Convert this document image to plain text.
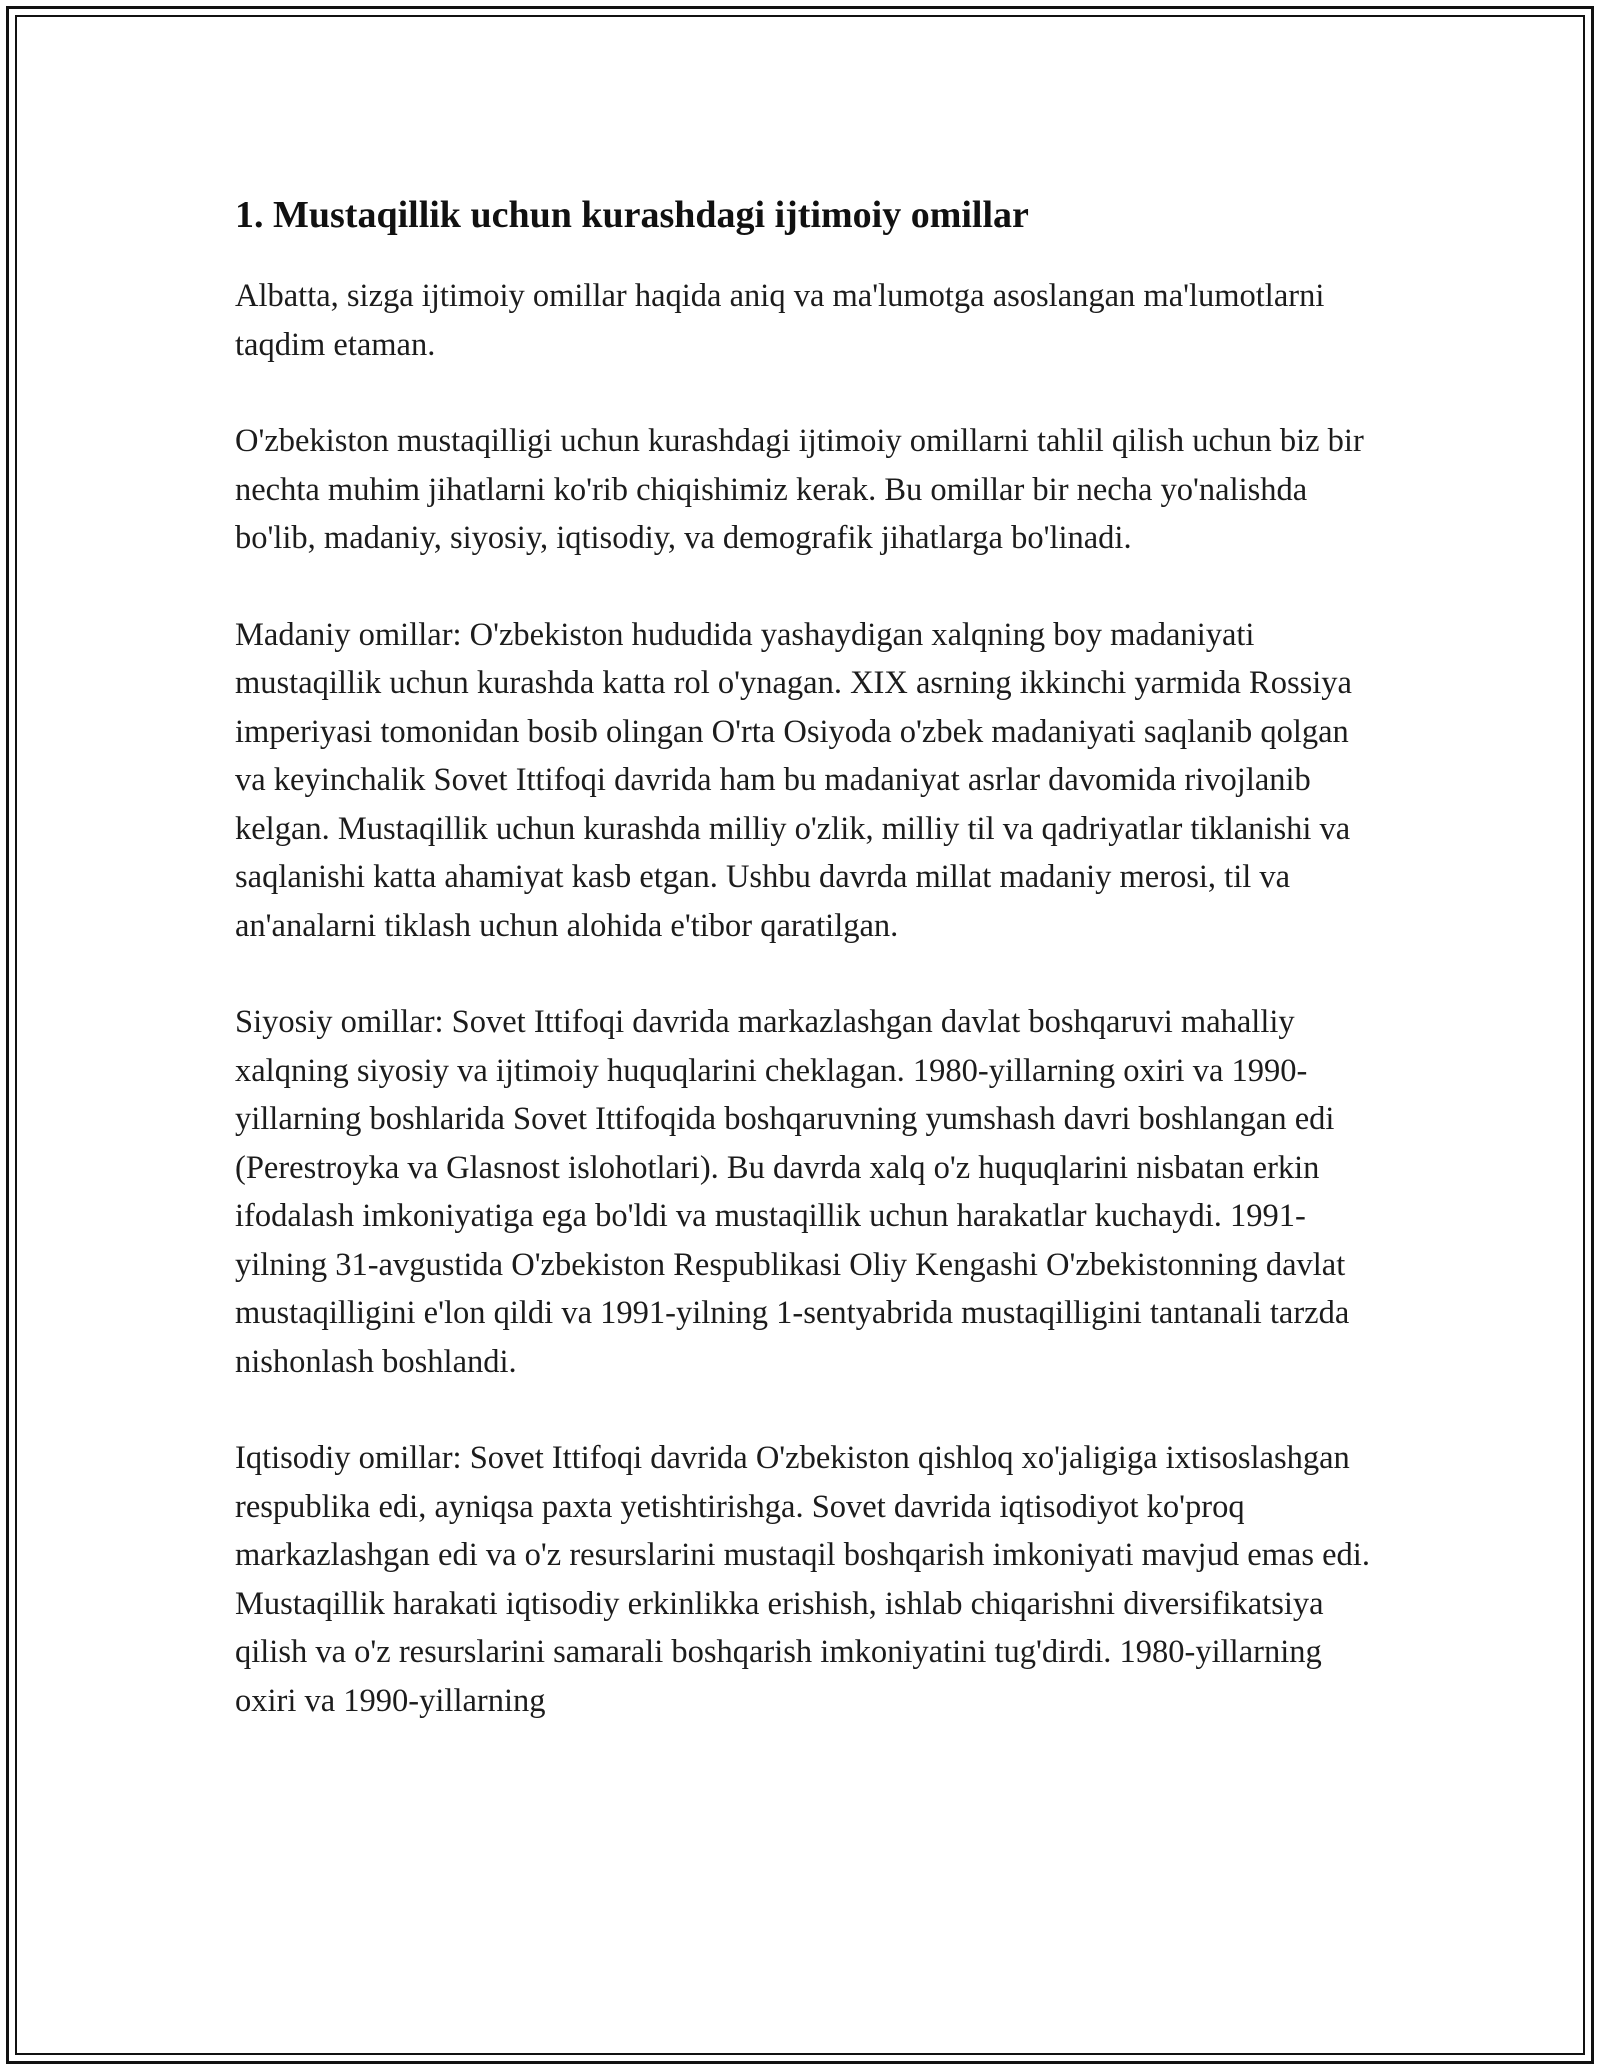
1. Mustaqillik uchun kurashdagi ijtimoiy omillar

Albatta, sizga ijtimoiy omillar haqida aniq va ma'lumotga asoslangan ma'lumotlarni taqdim etaman.

O'zbekiston mustaqilligi uchun kurashdagi ijtimoiy omillarni tahlil qilish uchun biz bir nechta muhim jihatlarni ko'rib chiqishimiz kerak. Bu omillar bir necha yo'nalishda bo'lib, madaniy, siyosiy, iqtisodiy, va demografik jihatlarga bo'linadi.

Madaniy omillar: O'zbekiston hududida yashaydigan xalqning boy madaniyati mustaqillik uchun kurashda katta rol o'ynagan. XIX asrning ikkinchi yarmida Rossiya imperiyasi tomonidan bosib olingan O'rta Osiyoda o'zbek madaniyati saqlanib qolgan va keyinchalik Sovet Ittifoqi davrida ham bu madaniyat asrlar davomida rivojlanib kelgan. Mustaqillik uchun kurashda milliy o'zlik, milliy til va qadriyatlar tiklanishi va saqlanishi katta ahamiyat kasb etgan. Ushbu davrda millat madaniy merosi, til va an'analarni tiklash uchun alohida e'tibor qaratilgan.

Siyosiy omillar: Sovet Ittifoqi davrida markazlashgan davlat boshqaruvi mahalliy xalqning siyosiy va ijtimoiy huquqlarini cheklagan. 1980-yillarning oxiri va 1990-yillarning boshlarida Sovet Ittifoqida boshqaruvning yumshash davri boshlangan edi (Perestroyka va Glasnost islohotlari). Bu davrda xalq o'z huquqlarini nisbatan erkin ifodalash imkoniyatiga ega bo'ldi va mustaqillik uchun harakatlar kuchaydi. 1991-yilning 31-avgustida O'zbekiston Respublikasi Oliy Kengashi O'zbekistonning davlat mustaqilligini e'lon qildi va 1991-yilning 1-sentyabrida mustaqilligini tantanali tarzda nishonlash boshlandi.

Iqtisodiy omillar: Sovet Ittifoqi davrida O'zbekiston qishloq xo'jaligiga ixtisoslashgan respublika edi, ayniqsa paxta yetishtirishga. Sovet davrida iqtisodiyot ko'proq markazlashgan edi va o'z resurslarini mustaqil boshqarish imkoniyati mavjud emas edi. Mustaqillik harakati iqtisodiy erkinlikka erishish, ishlab chiqarishni diversifikatsiya qilish va o'z resurslarini samarali boshqarish imkoniyatini tug'dirdi. 1980-yillarning oxiri va 1990-yillarning
